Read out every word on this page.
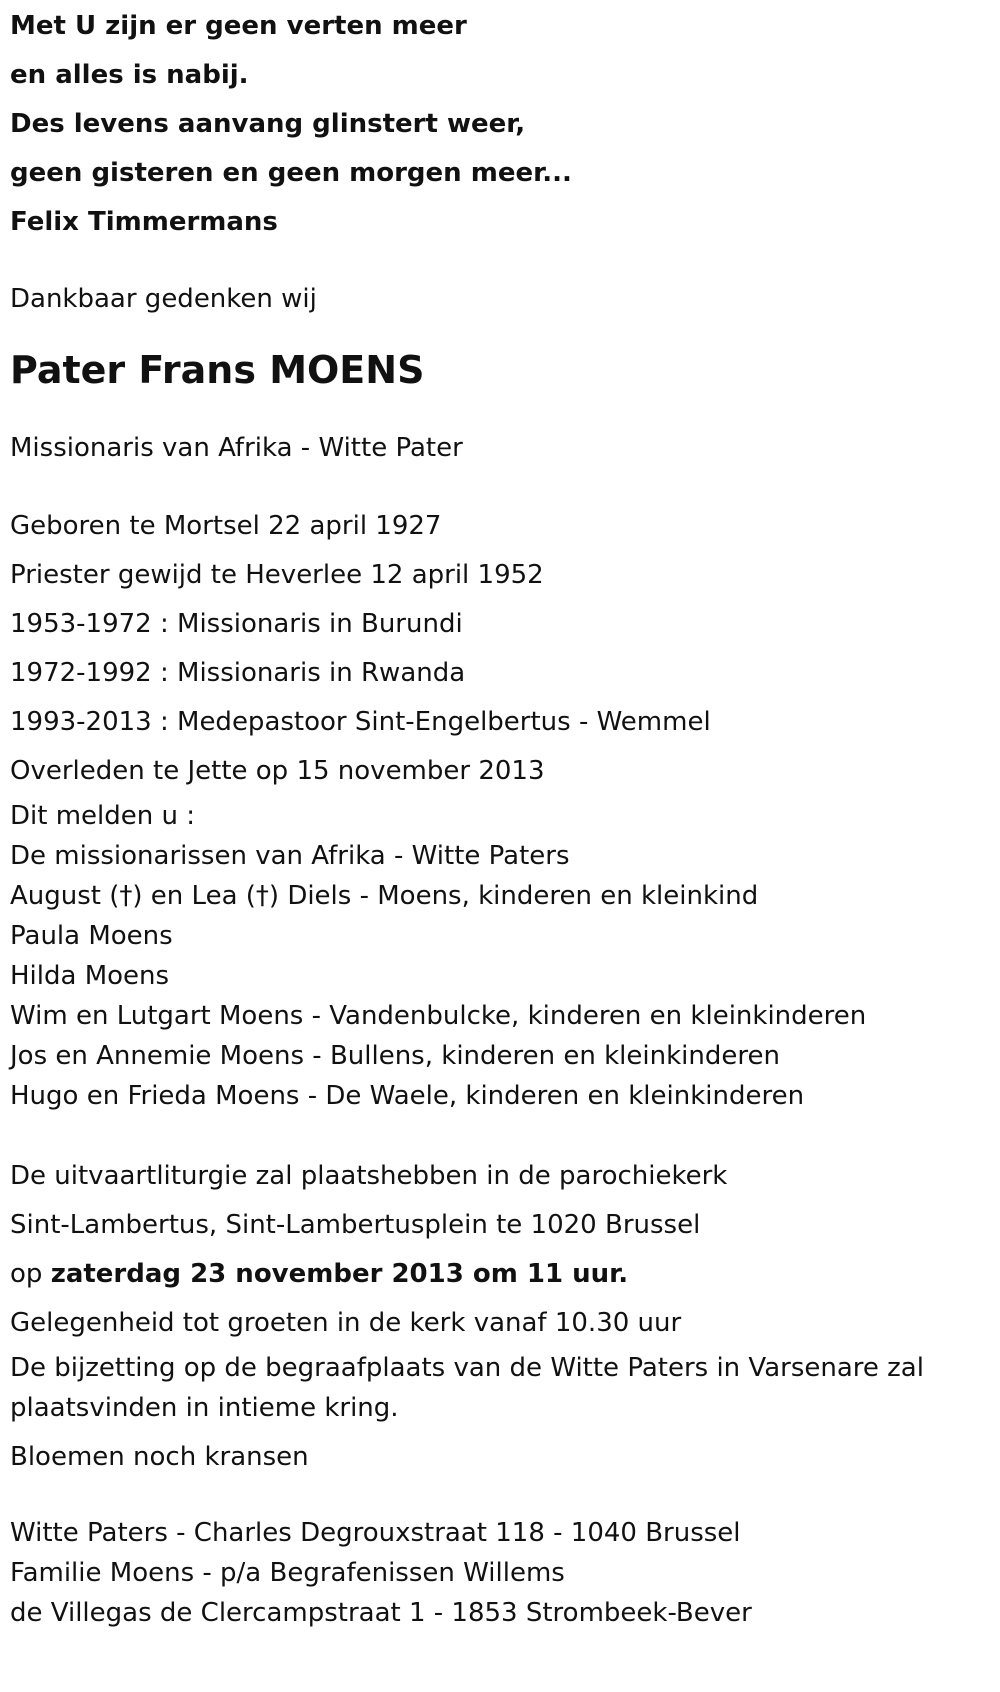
Met U zijn er geen verten meer
en alles is nabij.
Des levens aanvang glinstert weer,
geen gisteren en geen morgen meer...
Felix Timmermans
Dankbaar gedenken wij
Pater Frans MOENS
Missionaris van Afrika - Witte Pater
Geboren te Mortsel 22 april 1927
Priester gewijd te Heverlee 12 april 1952
1953-1972 : Missionaris in Burundi
1972-1992 : Missionaris in Rwanda
1993-2013 : Medepastoor Sint-Engelbertus - Wemmel
Overleden te Jette op 15 november 2013
Dit melden u :
De missionarissen van Afrika - Witte Paters
August (†) en Lea (†) Diels - Moens, kinderen en kleinkind
Paula Moens
Hilda Moens
Wim en Lutgart Moens - Vandenbulcke, kinderen en kleinkinderen
Jos en Annemie Moens - Bullens, kinderen en kleinkinderen
Hugo en Frieda Moens - De Waele, kinderen en kleinkinderen
De uitvaartliturgie zal plaatshebben in de parochiekerk
Sint-Lambertus, Sint-Lambertusplein te 1020 Brussel
op zaterdag 23 november 2013 om 11 uur.
Gelegenheid tot groeten in de kerk vanaf 10.30 uur
De bijzetting op de begraafplaats van de Witte Paters in Varsenare zal plaatsvinden in intieme kring.
Bloemen noch kransen
Witte Paters - Charles Degrouxstraat 118 - 1040 Brussel
Familie Moens - p/a Begrafenissen Willems
de Villegas de Clercampstraat 1 - 1853 Strombeek-Bever
